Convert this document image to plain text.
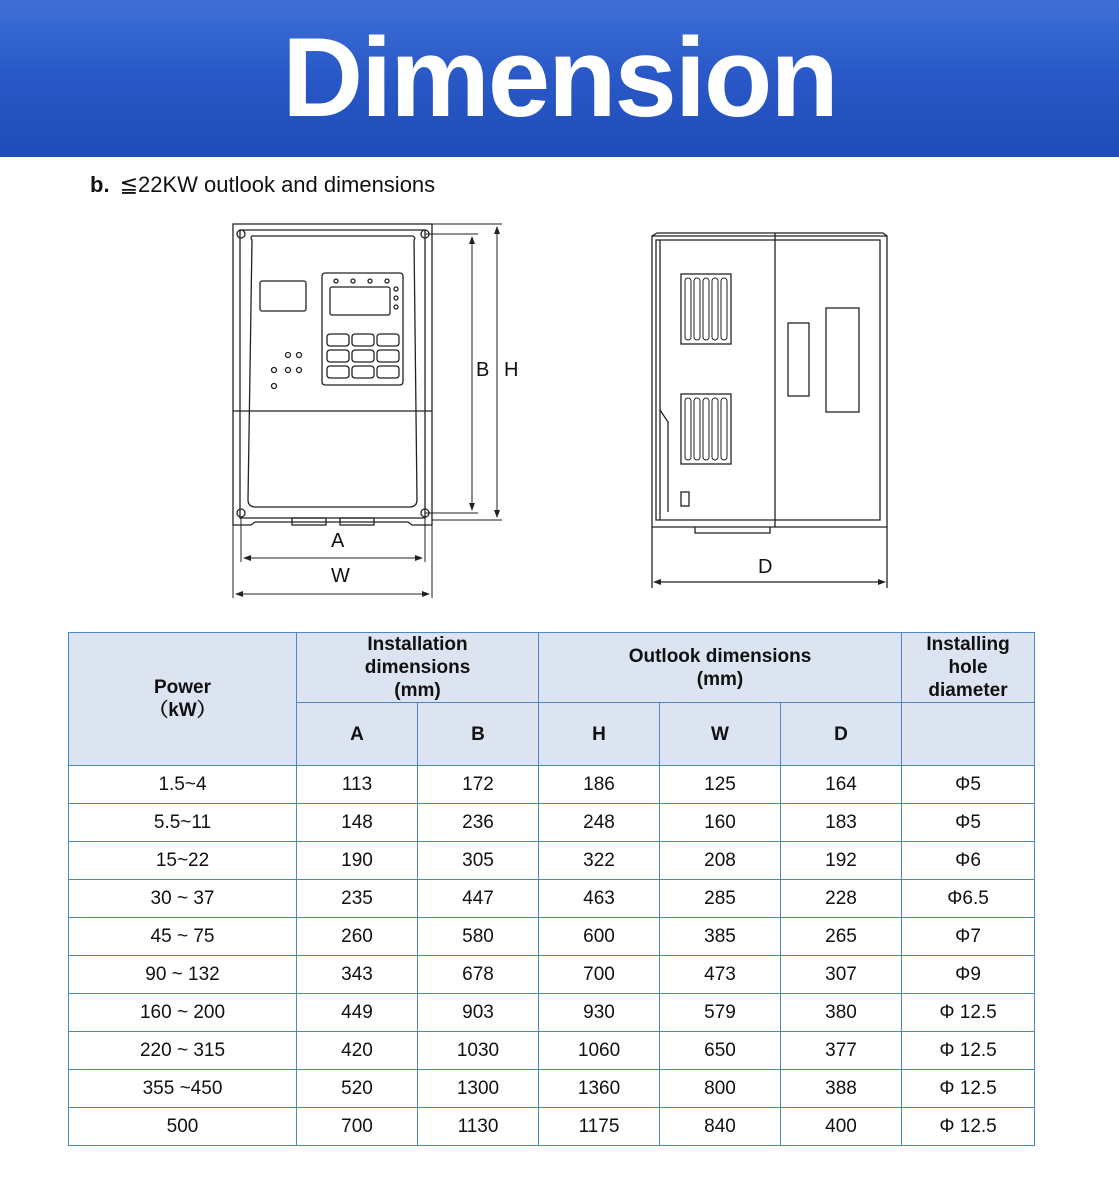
Dimension
b. ≦22KW outlook and dimensions
A
W
B H
D
Power
（kW）	Installation
dimensions
(mm)		Outlook dimensions
(mm)			Installing
hole
diameter
	A	B	H	W	D	
1.5~4	113	172	186	125	164	Φ5
5.5~11	148	236	248	160	183	Φ5
15~22	190	305	322	208	192	Φ6
30 ~ 37	235	447	463	285	228	Φ6.5
45 ~ 75	260	580	600	385	265	Φ7
90 ~ 132	343	678	700	473	307	Φ9
160 ~ 200	449	903	930	579	380	Φ 12.5
220 ~ 315	420	1030	1060	650	377	Φ 12.5
355 ~450	520	1300	1360	800	388	Φ 12.5
500	700	1130	1175	840	400	Φ 12.5
